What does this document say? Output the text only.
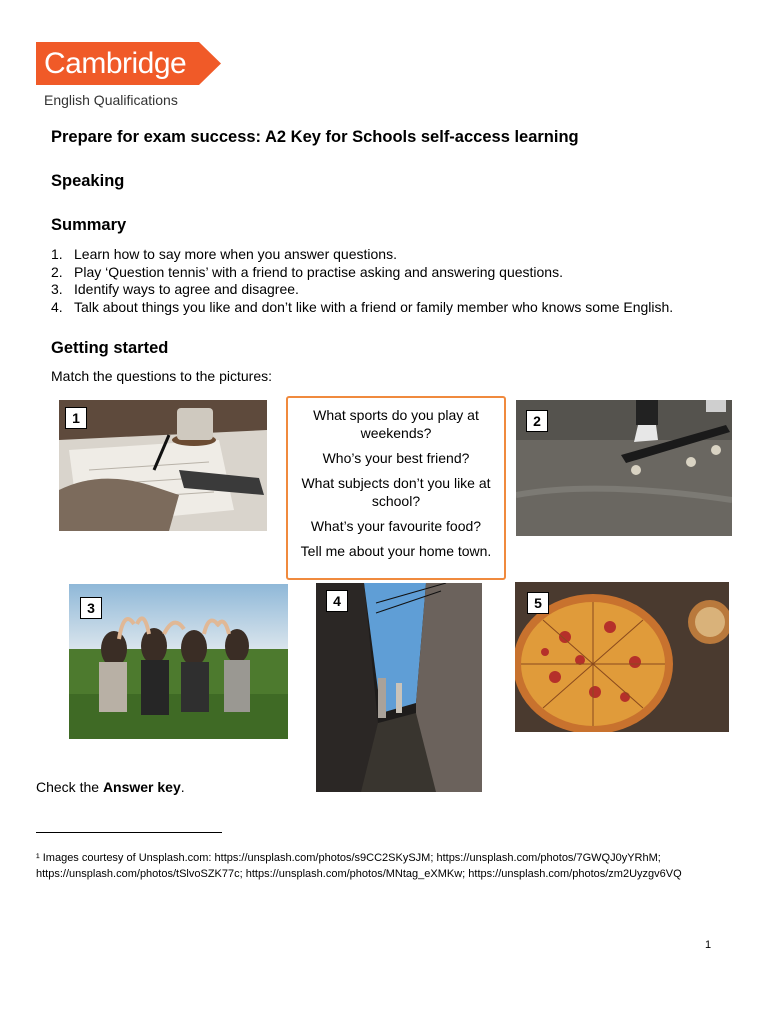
Cambridge
English Qualifications
Prepare for exam success: A2 Key for Schools self-access learning
Speaking
Summary
1. Learn how to say more when you answer questions.
2. Play ‘Question tennis’ with a friend to practise asking and answering questions.
3. Identify ways to agree and disagree.
4. Talk about things you like and don’t like with a friend or family member who knows some English.
Getting started
Match the questions to the pictures:
1	2
3	4	5

What sports do you play at weekends?

Who’s your best friend?

What subjects don’t you like at school?

What’s your favourite food?

Tell me about your home town.

Check the Answer key.
¹ Images courtesy of Unsplash.com: https://unsplash.com/photos/s9CC2SKySJM; https://unsplash.com/photos/7GWQJ0yYRhM; https://unsplash.com/photos/tSlvoSZK77c; https://unsplash.com/photos/MNtag_eXMKw; https://unsplash.com/photos/zm2Uyzgv6VQ
1
